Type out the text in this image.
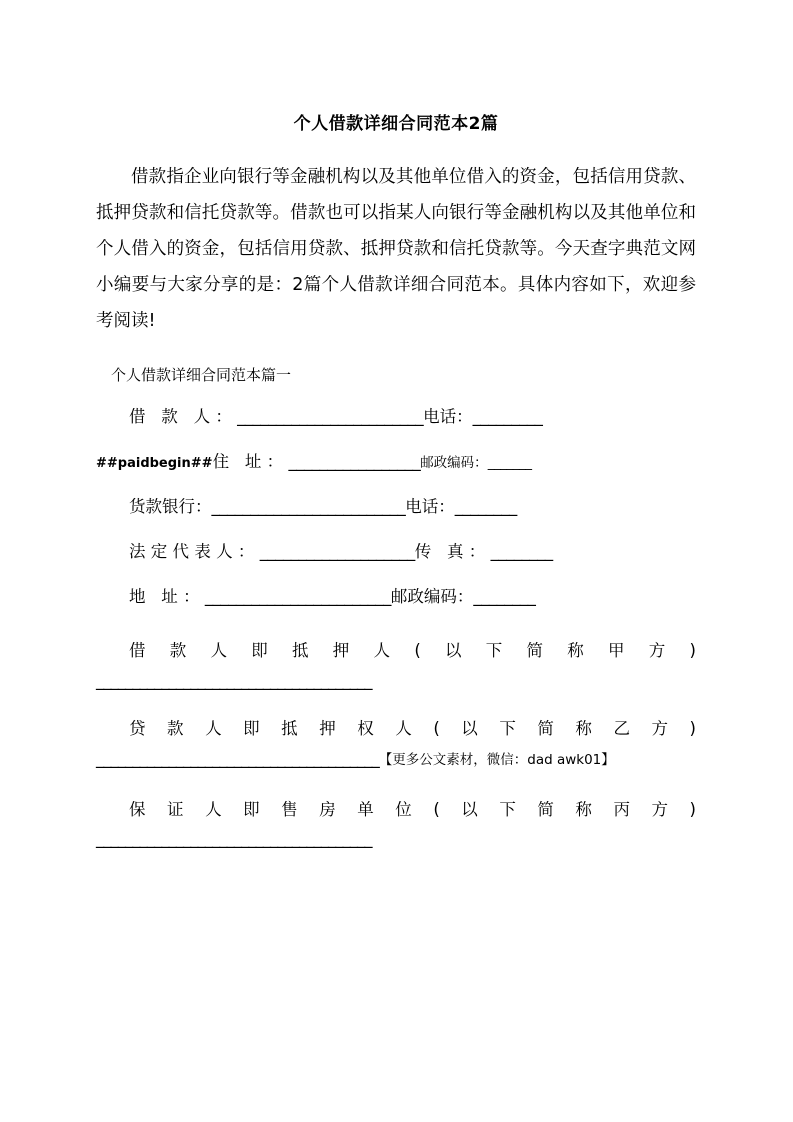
个人借款详细合同范本2篇
借款指企业向银行等金融机构以及其他单位借入的资金，包括信用贷款、抵押贷款和信托贷款等。借款也可以指某人向银行等金融机构以及其他单位和个人借入的资金，包括信用贷款、抵押贷款和信托贷款等。今天查字典范文网小编要与大家分享的是：2篇个人借款详细合同范本。具体内容如下，欢迎参考阅读!
个人借款详细合同范本篇一
借 款 人：________________________电话：_________
##paidbegin##住 址：_________________邮政编码：_______
货款银行：_________________________电话：________
法定代表人：____________________传 真：________
地 址：________________________邮政编码：________
借款人即抵押人(以下简称甲方)
______________________________________
贷款人即抵押权人(以下简称乙方)
_______________________________________【更多公文素材，微信：dad awk01】
保证人即售房单位(以下简称丙方)
______________________________________
